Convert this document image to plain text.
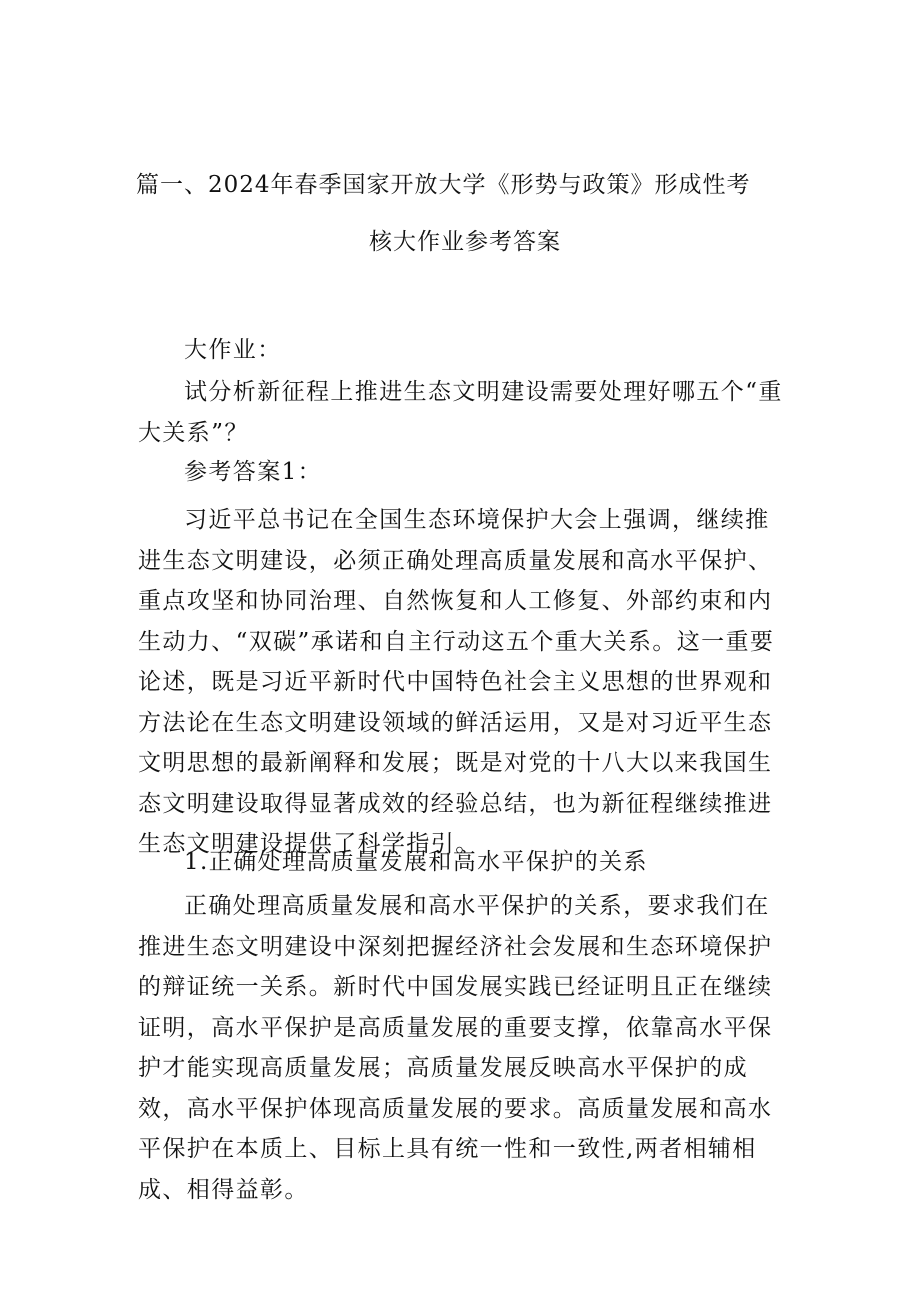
篇一、2024年春季国家开放大学《形势与政策》形成性考
核大作业参考答案
大作业：
试分析新征程上推进生态文明建设需要处理好哪五个“重大关系”？
参考答案1：
习近平总书记在全国生态环境保护大会上强调，继续推进生态文明建设，必须正确处理高质量发展和高水平保护、重点攻坚和协同治理、自然恢复和人工修复、外部约束和内生动力、“双碳”承诺和自主行动这五个重大关系。这一重要论述，既是习近平新时代中国特色社会主义思想的世界观和方法论在生态文明建设领域的鲜活运用，又是对习近平生态文明思想的最新阐释和发展；既是对党的十八大以来我国生态文明建设取得显著成效的经验总结，也为新征程继续推进生态文明建设提供了科学指引。
1.正确处理高质量发展和高水平保护的关系
正确处理高质量发展和高水平保护的关系，要求我们在推进生态文明建设中深刻把握经济社会发展和生态环境保护的辩证统一关系。新时代中国发展实践已经证明且正在继续证明，高水平保护是高质量发展的重要支撑，依靠高水平保护才能实现高质量发展；高质量发展反映高水平保护的成效，高水平保护体现高质量发展的要求。高质量发展和高水平保护在本质上、目标上具有统一性和一致性,两者相辅相成、相得益彰。
